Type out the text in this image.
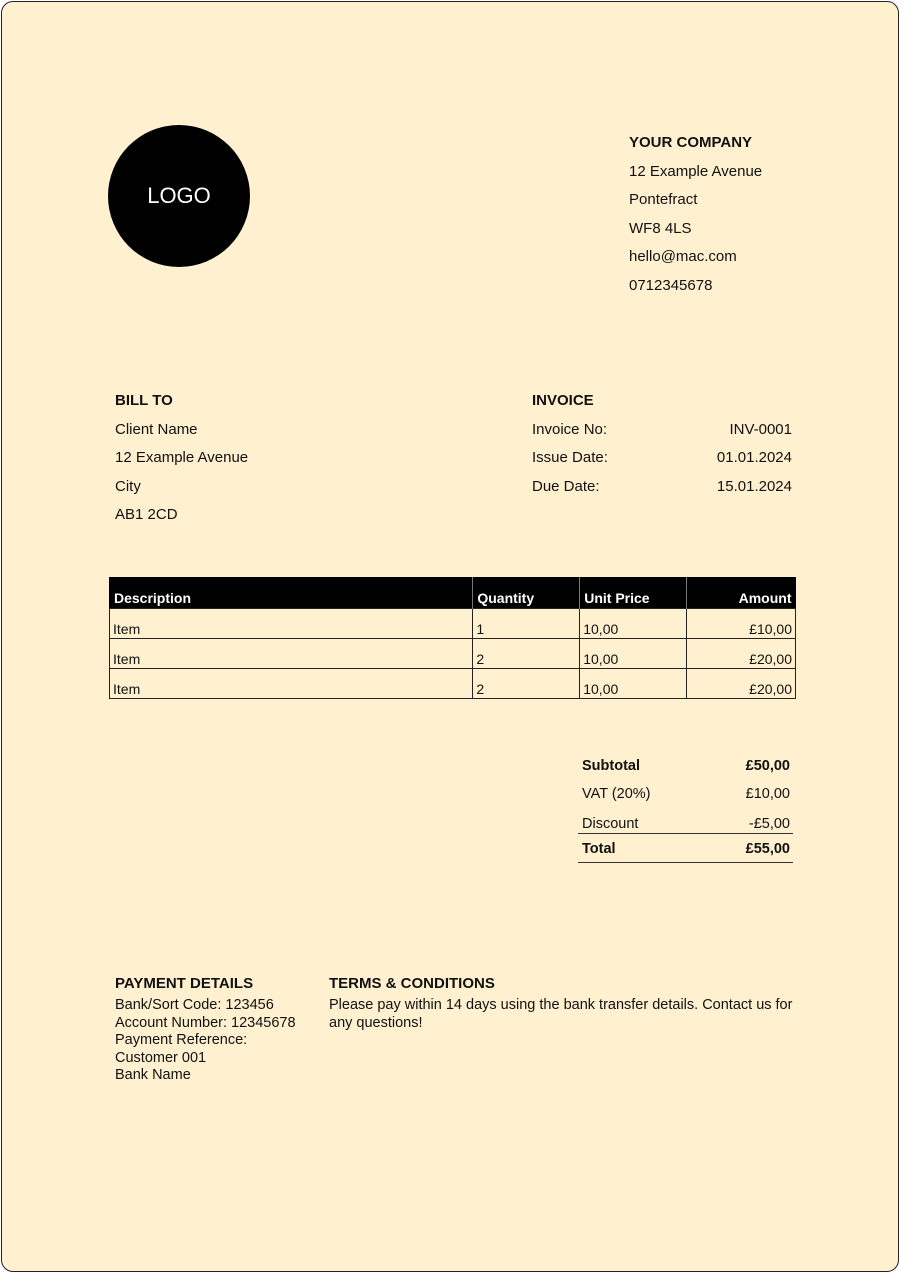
LOGO
YOUR COMPANY
12 Example Avenue
Pontefract
WF8 4LS
hello@mac.com
0712345678
BILL TO
Client Name
12 Example Avenue
City
AB1 2CD
INVOICE
Invoice No:	INV-0001
Issue Date:	01.01.2024
Due Date:	15.01.2024
Description	Quantity	Unit Price	Amount
Item	1	10,00	£10,00
Item	2	10,00	£20,00
Item	2	10,00	£20,00
Subtotal	£50,00
VAT (20%)	£10,00
Discount	-£5,00
Total	£55,00
PAYMENT DETAILS
Bank/Sort Code: 123456
Account Number: 12345678
Payment Reference:
Customer 001
Bank Name
TERMS & CONDITIONS
Please pay within 14 days using the bank transfer details. Contact us for any questions!
